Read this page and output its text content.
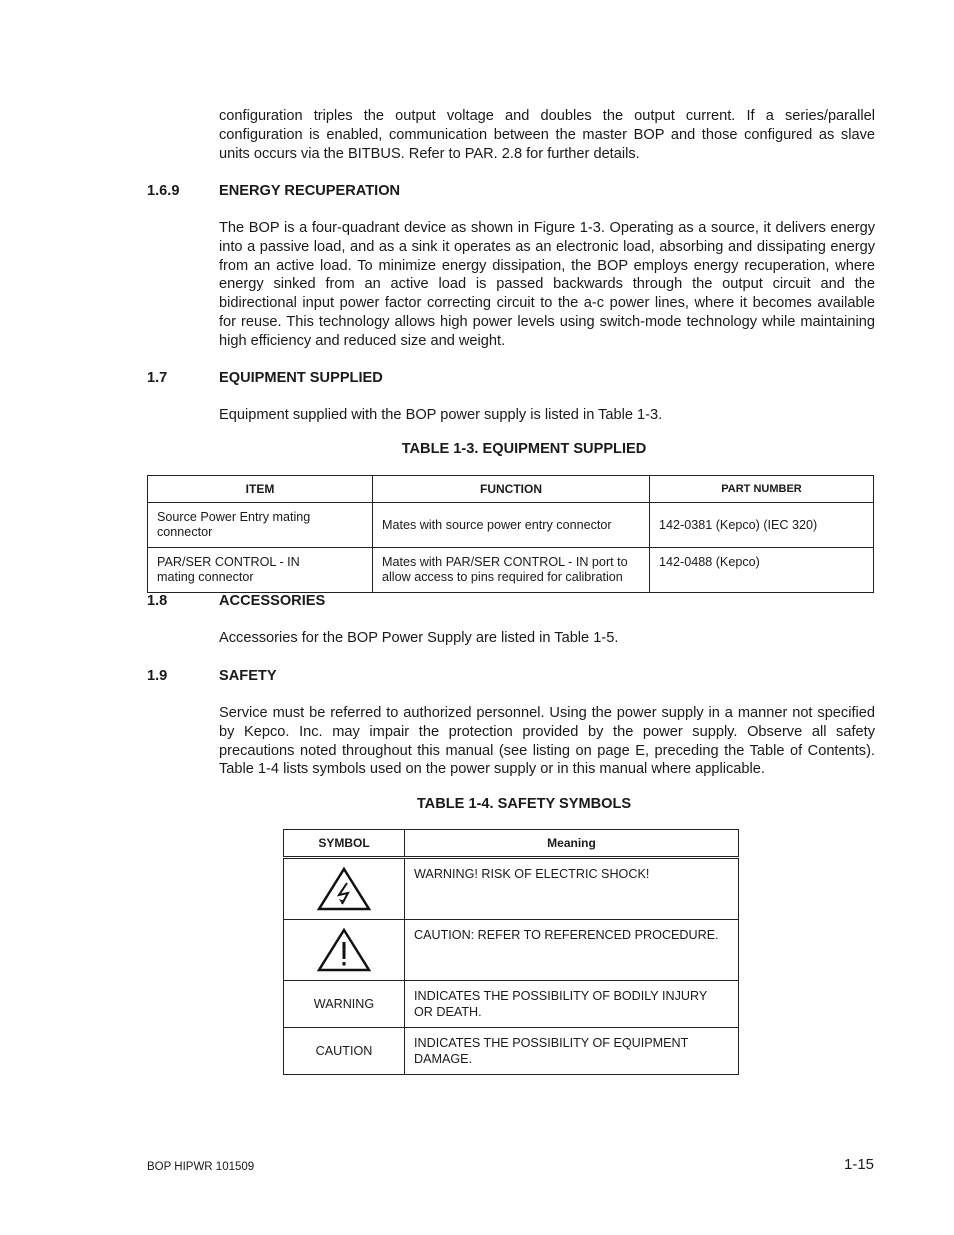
configuration triples the output voltage and doubles the output current. If a series/parallel configuration is enabled, communication between the master BOP and those configured as slave units occurs via the BITBUS. Refer to PAR. 2.8 for further details.

1.6.9	ENERGY RECUPERATION

The BOP is a four-quadrant device as shown in Figure 1-3. Operating as a source, it delivers energy into a passive load, and as a sink it operates as an electronic load, absorbing and dissipating energy from an active load. To minimize energy dissipation, the BOP employs energy recuperation, where energy sinked from an active load is passed backwards through the output circuit and the bidirectional input power factor correcting circuit to the a-c power lines, where it becomes available for reuse. This technology allows high power levels using switch-mode technology while maintaining high efficiency and reduced size and weight.

1.7	EQUIPMENT SUPPLIED

Equipment supplied with the BOP power supply is listed in Table 1-3.

TABLE 1-3. EQUIPMENT SUPPLIED

ITEM	FUNCTION	PART NUMBER
Source Power Entry mating connector	Mates with source power entry connector	142-0381 (Kepco) (IEC 320)
PAR/SER CONTROL - IN
mating connector	Mates with PAR/SER CONTROL - IN port to allow access to pins required for calibration	142-0488 (Kepco)
1.8	ACCESSORIES

Accessories for the BOP Power Supply are listed in Table 1-5.

1.9	SAFETY

Service must be referred to authorized personnel. Using the power supply in a manner not specified by Kepco. Inc. may impair the protection provided by the power supply. Observe all safety precautions noted throughout this manual (see listing on page E, preceding the Table of Contents). Table 1-4 lists symbols used on the power supply or in this manual where applicable.

TABLE 1-4. SAFETY SYMBOLS

SYMBOL	Meaning

	WARNING! RISK OF ELECTRIC SHOCK!

	CAUTION: REFER TO REFERENCED PROCEDURE.
WARNING	INDICATES THE POSSIBILITY OF BODILY INJURY OR DEATH.
CAUTION	INDICATES THE POSSIBILITY OF EQUIPMENT DAMAGE.
BOP HIPWR 101509	1-15
